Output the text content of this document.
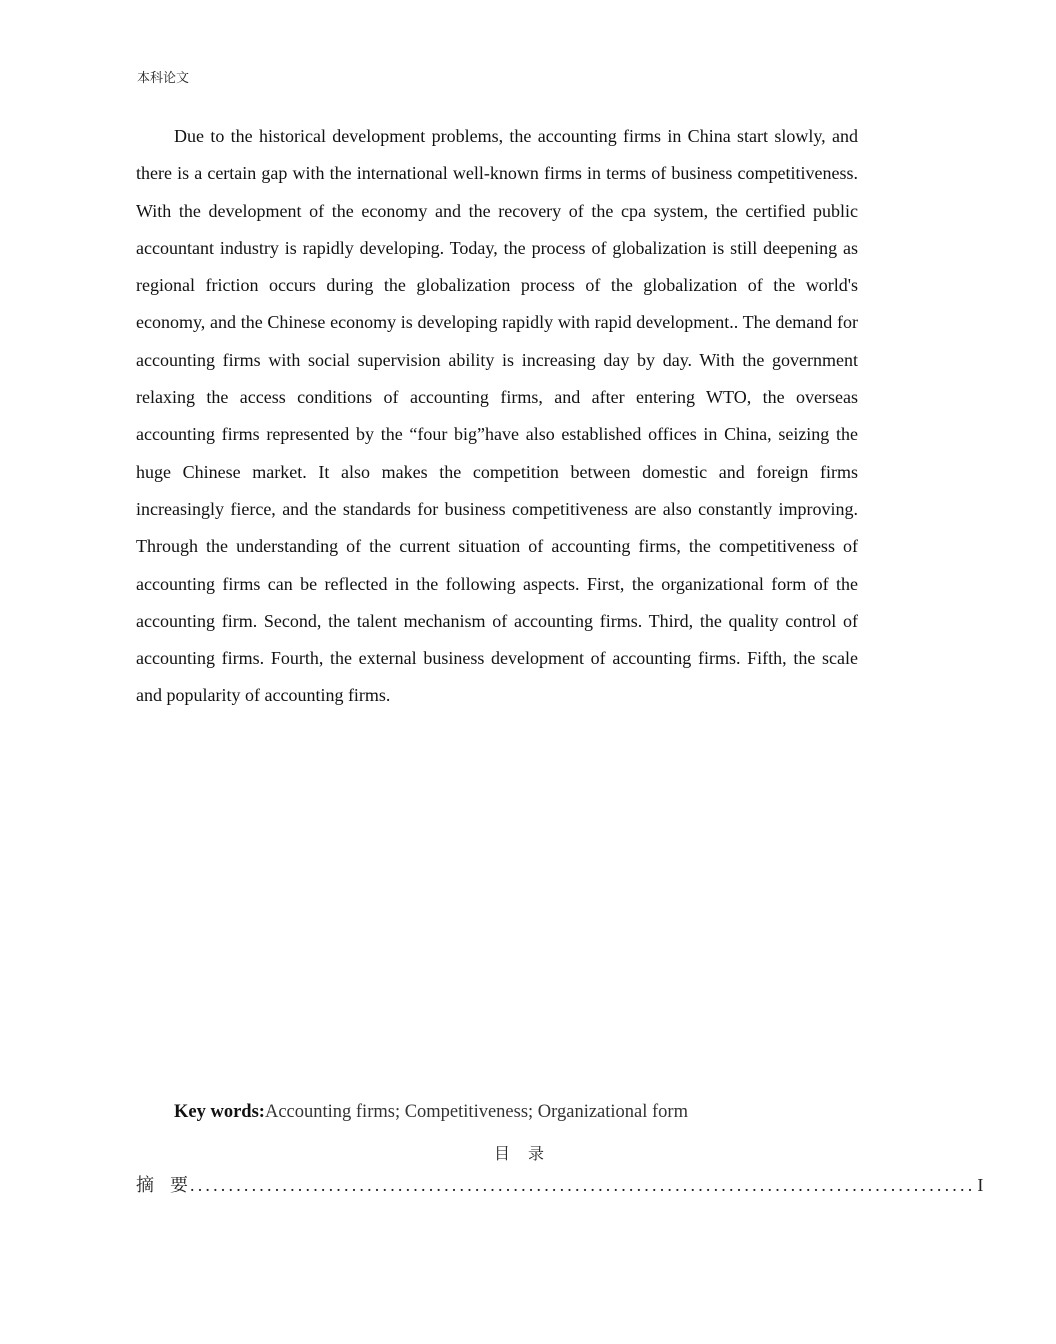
本科论文

Due to the historical development problems, the accounting firms in China start slowly, and there is a certain gap with the international well-known firms in terms of business competitiveness. With the development of the economy and the recovery of the cpa system, the certified public accountant industry is rapidly developing. Today, the process of globalization is still deepening as regional friction occurs during the globalization process of the globalization of the world's economy, and the Chinese economy is developing rapidly with rapid development.. The demand for accounting firms with social supervision ability is increasing day by day. With the government relaxing the access conditions of accounting firms, and after entering WTO, the overseas accounting firms represented by the “four big”have also established offices in China, seizing the huge Chinese market. It also makes the competition between domestic and foreign firms increasingly fierce, and the standards for business competitiveness are also constantly improving. Through the understanding of the current situation of accounting firms, the competitiveness of accounting firms can be reflected in the following aspects. First, the organizational form of the accounting firm. Second, the talent mechanism of accounting firms. Third, the quality control of accounting firms. Fourth, the external business development of accounting firms. Fifth, the scale and popularity of accounting firms.

Key words:Accounting firms; Competitiveness; Organizational form
目录
摘要
...................................................................................................... I
